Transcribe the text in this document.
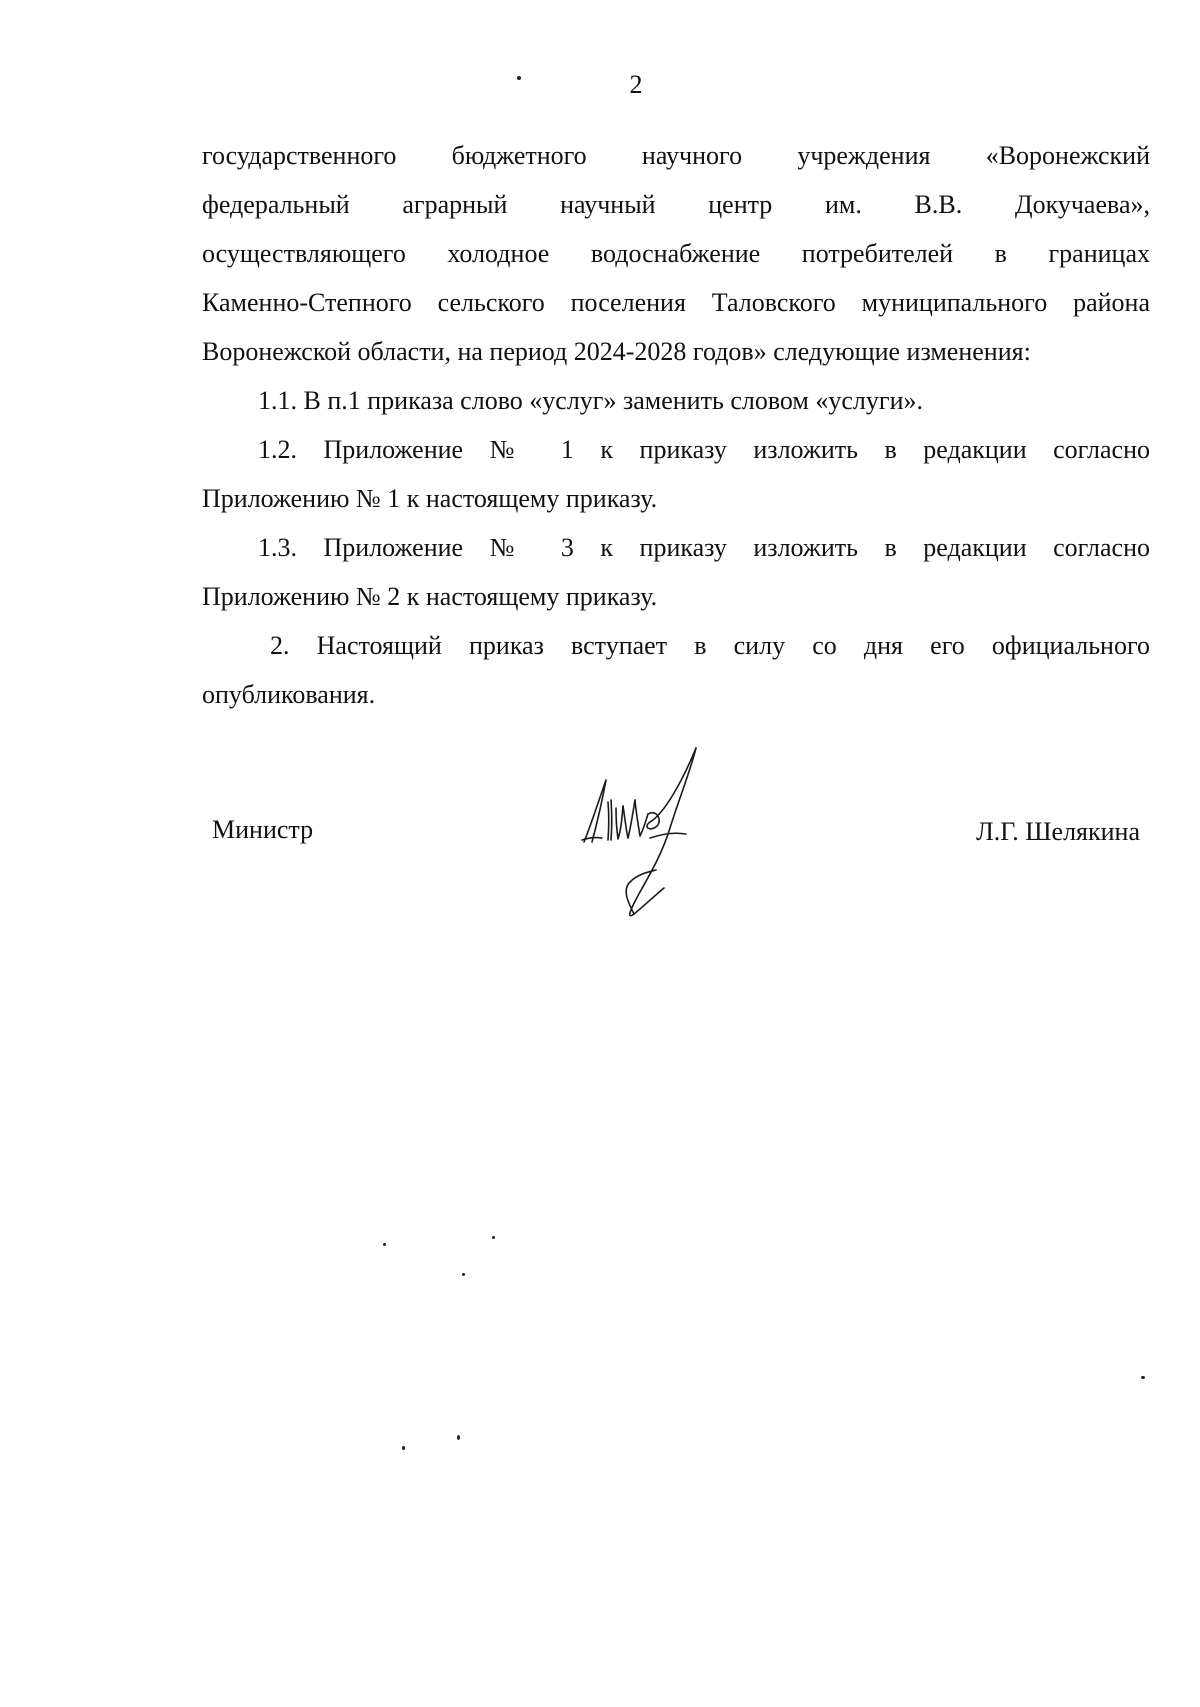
2
государственного бюджетного научного учреждения «Воронежский
федеральный аграрный научный центр им. В.В. Докучаева»,
осуществляющего холодное водоснабжение потребителей в границах
Каменно-Степного сельского поселения Таловского муниципального района
Воронежской области, на период 2024-2028 годов» следующие изменения:
1.1. В п.1 приказа слово «услуг» заменить словом «услуги».
1.2. Приложение № 1 к приказу изложить в редакции согласно
Приложению № 1 к настоящему приказу.
1.3. Приложение № 3 к приказу изложить в редакции согласно
Приложению № 2 к настоящему приказу.
2. Настоящий приказ вступает в силу со дня его официального
опубликования.
Министр	Л.Г. Шелякина
